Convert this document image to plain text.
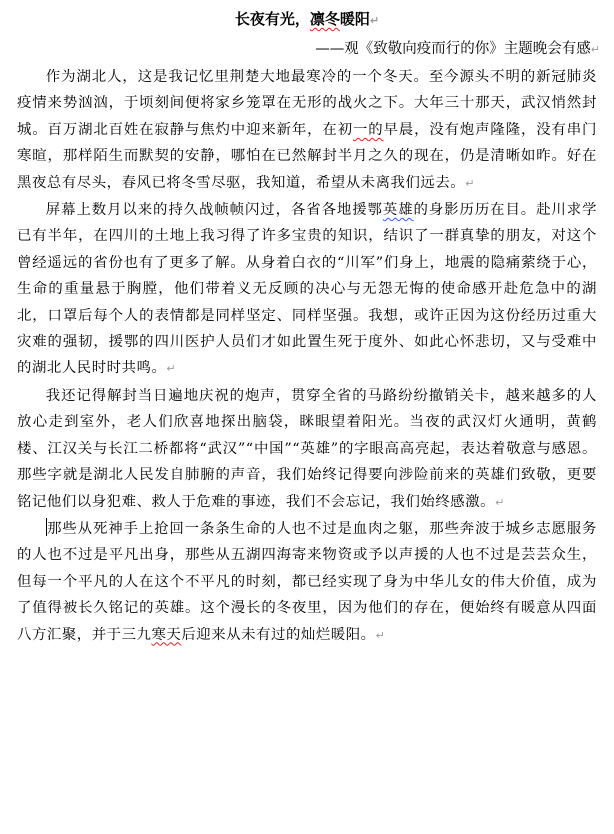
长夜有光，凛冬暖阳↵
——观《致敬向疫而行的你》主题晚会有感↵

作为湖北人，这是我记忆里荆楚大地最寒冷的一个冬天。至今源头不明的新冠肺炎疫情来势汹汹，于顷刻间便将家乡笼罩在无形的战火之下。大年三十那天，武汉悄然封城。百万湖北百姓在寂静与焦灼中迎来新年，在初一的早晨，没有炮声隆隆，没有串门寒暄，那样陌生而默契的安静，哪怕在已然解封半月之久的现在，仍是清晰如昨。好在黑夜总有尽头，春风已将冬雪尽驱，我知道，希望从未离我们远去。↵

屏幕上数月以来的持久战帧帧闪过，各省各地援鄂英雄的身影历历在目。赴川求学已有半年，在四川的土地上我习得了许多宝贵的知识，结识了一群真挚的朋友，对这个曾经遥远的省份也有了更多了解。从身着白衣的“川军”们身上，地震的隐痛萦绕于心，生命的重量悬于胸膛，他们带着义无反顾的决心与无怨无悔的使命感开赴危急中的湖北，口罩后每个人的表情都是同样坚定、同样坚强。我想，或许正因为这份经历过重大灾难的强韧，援鄂的四川医护人员们才如此置生死于度外、如此心怀悲切，又与受难中的湖北人民时时共鸣。↵

我还记得解封当日遍地庆祝的炮声，贯穿全省的马路纷纷撤销关卡，越来越多的人放心走到室外，老人们欣喜地探出脑袋，眯眼望着阳光。当夜的武汉灯火通明，黄鹤楼、江汉关与长江二桥都将“武汉”“中国”“英雄”的字眼高高亮起，表达着敬意与感恩。那些字就是湖北人民发自肺腑的声音，我们始终记得要向涉险前来的英雄们致敬，更要铭记他们以身犯难、救人于危难的事迹，我们不会忘记，我们始终感激。↵

那些从死神手上抢回一条条生命的人也不过是血肉之躯，那些奔波于城乡志愿服务的人也不过是平凡出身，那些从五湖四海寄来物资或予以声援的人也不过是芸芸众生，但每一个平凡的人在这个不平凡的时刻，都已经实现了身为中华儿女的伟大价值，成为了值得被长久铭记的英雄。这个漫长的冬夜里，因为他们的存在，便始终有暖意从四面八方汇聚，并于三九寒天后迎来从未有过的灿烂暖阳。↵
